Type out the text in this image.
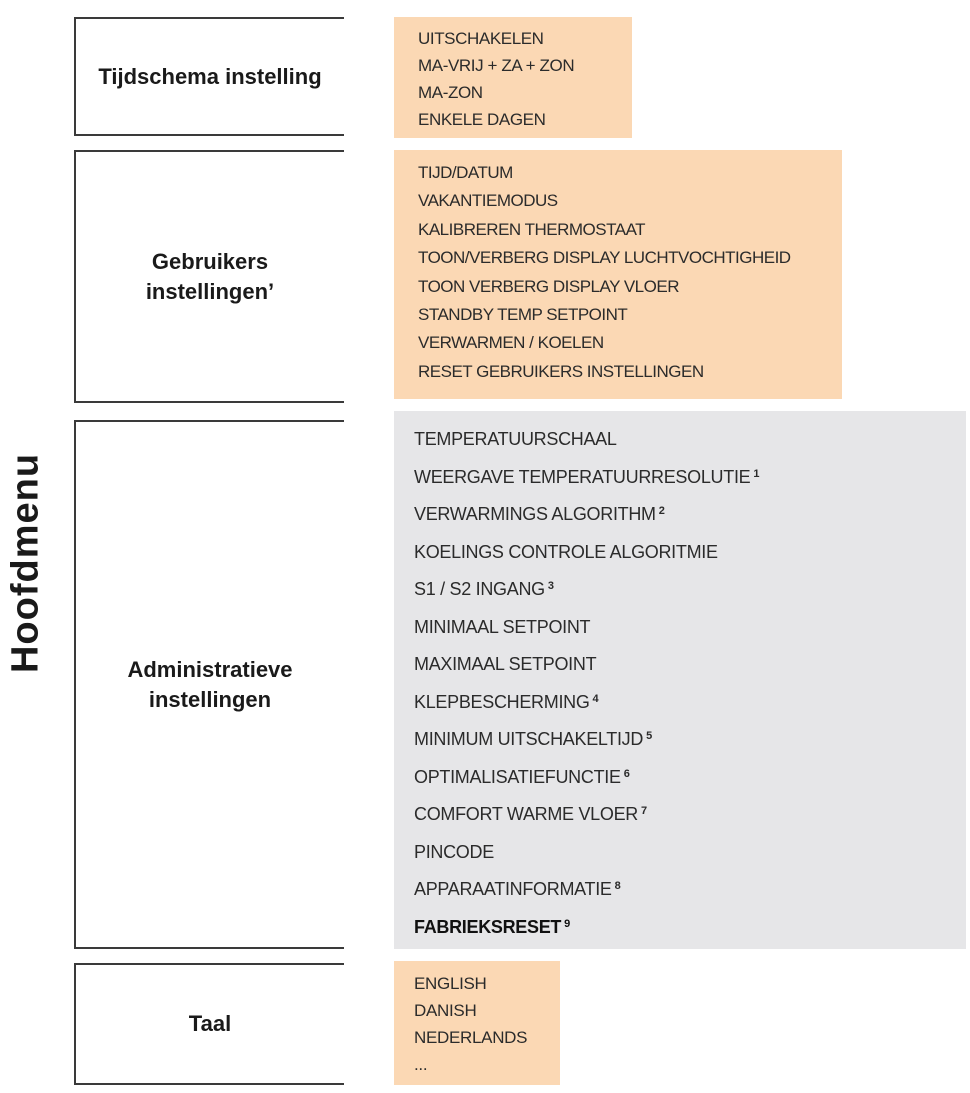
Hoofdmenu
Tijdschema instelling
Gebruikers
instellingen’
Administratieve
instellingen
Taal
UITSCHAKELEN
MA-VRIJ + ZA + ZON
MA-ZON
ENKELE DAGEN
TIJD/DATUM
VAKANTIEMODUS
KALIBREREN THERMOSTAAT
TOON/VERBERG DISPLAY LUCHTVOCHTIGHEID
TOON VERBERG DISPLAY VLOER
STANDBY TEMP SETPOINT
VERWARMEN / KOELEN
RESET GEBRUIKERS INSTELLINGEN
TEMPERATUURSCHAAL
WEERGAVE TEMPERATUURRESOLUTIE $^1$
VERWARMINGS ALGORITHM $^2$
KOELINGS CONTROLE ALGORITMIE
S1 / S2 INGANG $^3$
MINIMAAL SETPOINT
MAXIMAAL SETPOINT
KLEPBESCHERMING $^4$
MINIMUM UITSCHAKELTIJD $^5$
OPTIMALISATIEFUNCTIE $^6$
COMFORT WARME VLOER $^7$
PINCODE
APPARAATINFORMATIE $^8$
FABRIEKSRESET $^9$
ENGLISH
DANISH
NEDERLANDS
...
